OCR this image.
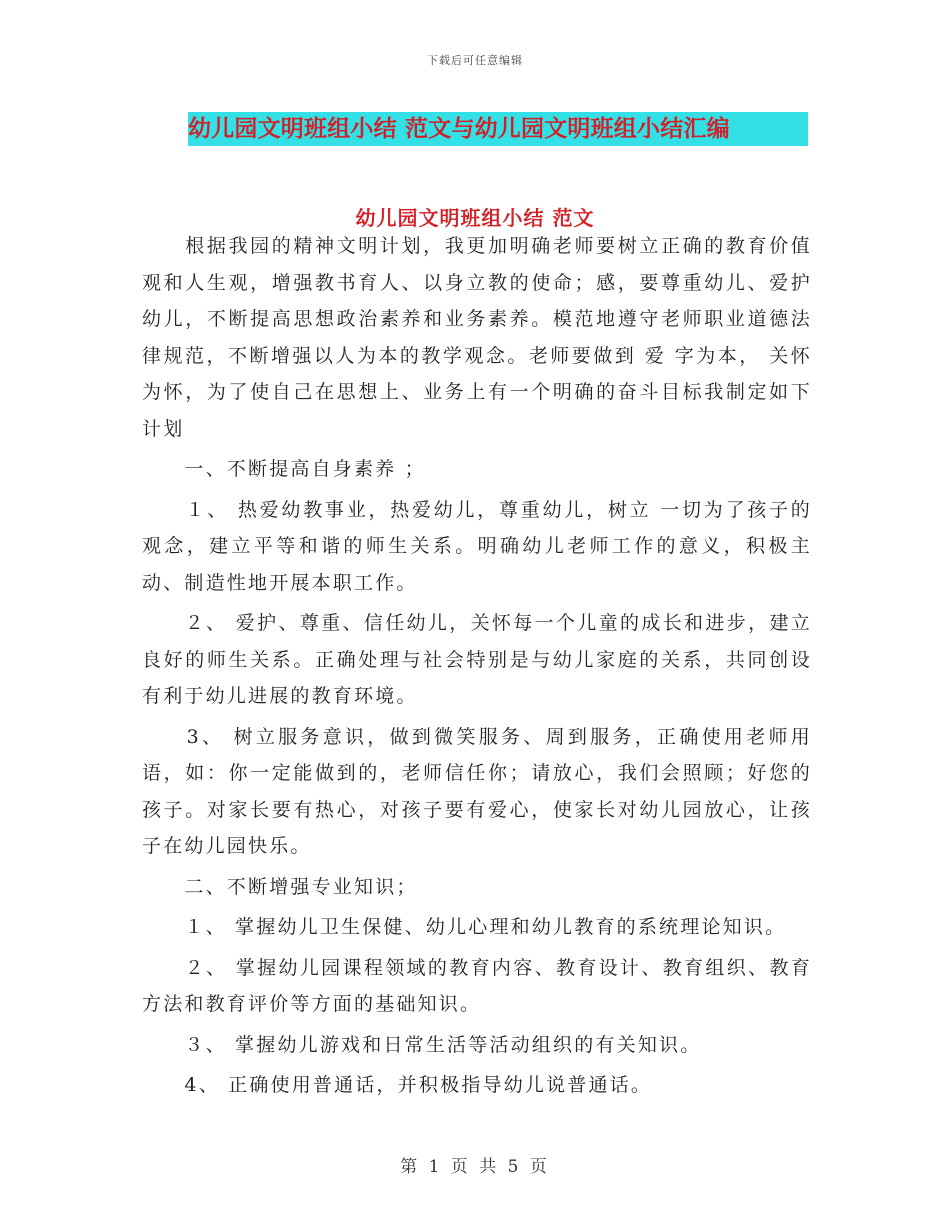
下载后可任意编辑
幼儿园文明班组小结 范文与幼儿园文明班组小结汇编
幼儿园文明班组小结 范文

　　根据我园的精神文明计划，我更加明确老师要树立正确的教育价值观和人生观，增强教书育人、以身立教的使命；感，要尊重幼儿、爱护幼儿，不断提高思想政治素养和业务素养。模范地遵守老师职业道德法律规范，不断增强以人为本的教学观念。老师要做到 爱 字为本， 关怀 为怀，为了使自己在思想上、业务上有一个明确的奋斗目标我制定如下计划

　　一、不断提高自身素养 ；

　　１、 热爱幼教事业，热爱幼儿，尊重幼儿，树立 一切为了孩子的观念，建立平等和谐的师生关系。明确幼儿老师工作的意义，积极主动、制造性地开展本职工作。

　　２、 爱护、尊重、信任幼儿，关怀每一个儿童的成长和进步，建立良好的师生关系。正确处理与社会特别是与幼儿家庭的关系，共同创设有利于幼儿进展的教育环境。

　　3、 树立服务意识，做到微笑服务、周到服务，正确使用老师用语，如：你一定能做到的，老师信任你；请放心，我们会照顾；好您的孩子。对家长要有热心，对孩子要有爱心，使家长对幼儿园放心，让孩子在幼儿园快乐。

　　二、不断增强专业知识；

　　１、 掌握幼儿卫生保健、幼儿心理和幼儿教育的系统理论知识。

　　２、 掌握幼儿园课程领域的教育内容、教育设计、教育组织、教育方法和教育评价等方面的基础知识。

　　３、 掌握幼儿游戏和日常生活等活动组织的有关知识。

　　4、 正确使用普通话，并积极指导幼儿说普通话。

第 1 页 共 5 页
